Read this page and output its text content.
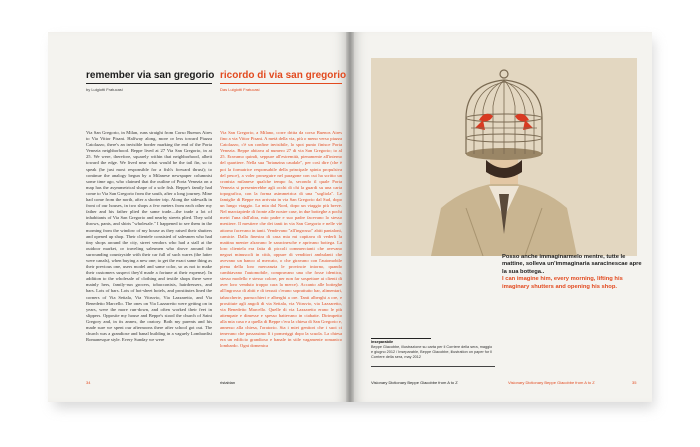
remember via san gregorio ricordo di via san gregorio
by Luigiotti Fratucasi	Das Luigiotti Fratucasi
Via San Gregorio, in Milan, runs straight from Corso Buenos Aires to Via Vittor Pisani. Halfway along, more or less toward Piazza Caiolazzo, there's an invisible border marking the end of the Porta Venezia neighborhood. Beppe lived at 27 Via San Gregorio, in at 25. We were, therefore, squarely within that neighborhood, albeit toward the edge. We lived near what would be the tail fin, so to speak (he just most responsible for a fish's forward thrust); to continue the analogy begun by a Milanese newspaper columnist some time ago, who claimed that the outline of Porta Venezia on a map has the asymmetrical shape of a sole fish. Beppe's family had come to Via San Gregorio from the south, after a long journey. Mine had come from the north, after a shorter trip. Along the sidewalk in front of our houses, in two shops a few meters from each other my father and his father plied the same trade—the trade a lot of inhabitants of Via San Gregorio and nearby streets plied. They sold throws, pants, and shirts "wholesale." I happened to see them in the morning from the window of my house as they raised their shutters and opened up shop. Their clientele consisted of salesmen who had tiny shops around the city, street vendors who had a stall at the outdoor market, or traveling salesmen who drove around the surrounding countryside with their car full of such wares (the latter were canals), when buying a new one; to get the exact same thing as their previous one, users model and same color, so as not to make their customers suspect they'd made a fortune at their expense). In addition to the wholesale of clothing and textile shops there were mainly hers, family-run grocers, tobacconists, hairdressers, and bars. Lots of bars. Lots of hot-sheet hotels, and prostitutes lined the corners of Via Settala, Via Vitruvio, Via Lazzaretto, and Via Benedetto Marcello. The ones on Via Lazzaretto were getting on in years, were the more run-down, and often worked their feet in slippers. Opposite my house and Beppe's stood the church of Saint Gregory and, in its annex, the oratory. Both my parents and his made sure we spent our afternoons there after school got out. The church was a grandiose and banal building in a vaguely Lombardist Romanesque style. Every Sunday we were
Via San Gregorio, a Milano, corre dritta da corso Buenos Aires fino a via Vittor Pisani. A metà della via, più o meno verso piazza Caiolazzo, c'è un confine invisibile, lo spot punto finisce Porta Venezia. Beppe abitava al numero 27 di via San Gregorio; io al 25. Eravamo quindi, seppure all'estremità, pienamente all'interno del quartiere. Nella sua "brianzina caudale", per così dire (che è poi la formatrice responsabile della principale spinta propulsiva del pesce), a voler proseguire nel paragone con cui ha scritto un cronista milanese qualche tempo fa, secondo il quale Porta Venezia si presenterebbe agli occhi di chi la guardi su una carta topografica, con la forma asimmetrica di una "sogliola". Le famiglie di Beppe era arrivata in via San Gregorio dal Sud, dopo un lungo viaggio. La mia dal Nord, dopo un viaggio più breve. Nel marciapiede di fronte alle nostre case, in due botteghe a pochi metri l'una dall'altra, mio padre e suo padre facevano lo stesso mestiere. Il mestiere che dei tanti in via San Gregorio e nelle vie attorno facevano in tanti. Vendevano "all'ingrosso" abiti pantaloni, camicie. Dalla finestra di casa mia mi capitava di vederli la mattina mentre alzavano le saracinesche e aprivano bottega. La loro clientela era fatta di piccoli commercianti che avevano negozi minuscoli in città, oppure di venditori ambulanti che avevano un banco al mercato, o che giravano con l'automobile piena della loro mercanzia le provincie intorno, quando cambiavano l'automobile, compravano una che fosse identica, stesso modello e stesso colore, per non far sospettare ai clienti di aver loro venduto troppo cara la merce). Accanto alle botteghe all'ingrosso di abiti e di tessuti c'erano soprattutto bar, alimentari, tabaccherie, parrucchieri e alberghi a ore. Tanti alberghi a ore, e prostitute agli angoli di via Settala, via Vitruvio, via Lazzaretto, via Benedetto Marcello. Quelle di via Lazzaretto erano le più attempate e dimesse e spesso battevano in ciabatte. Dirimpetto alla mia casa e a quella di Beppe c'era la chiesa di San Gregorio e, annesso alla chiesa, l'oratorio. Sia i miei genitori che i suoi ci tenevano che passassimo lì i pomeriggi dopo la scuola. La chiesa era un edificio grandioso e banale in stile vagamente romanico lombardo. Ogni domenica
34	ristabian
Posso anche immaginarmelo mentre, tutte le mattine, solleva un'immaginaria saracinescae apre la sua bottega..
I can imagine him, every morning, lifting his imaginary shutters and opening his shop.
Inseparabile
Beppe Giacobbe, illustrazione su carta per il Corriere della sera, maggio e giugno 2012 / Inseparable, Beppe Giacobbe, illustration on paper for Il Corriere della sera, may 2012
Visionary Dictionary Beppe Giacobbe from A to Z	Visionary Dictionary Beppe Giacobbe from A to Z	35
